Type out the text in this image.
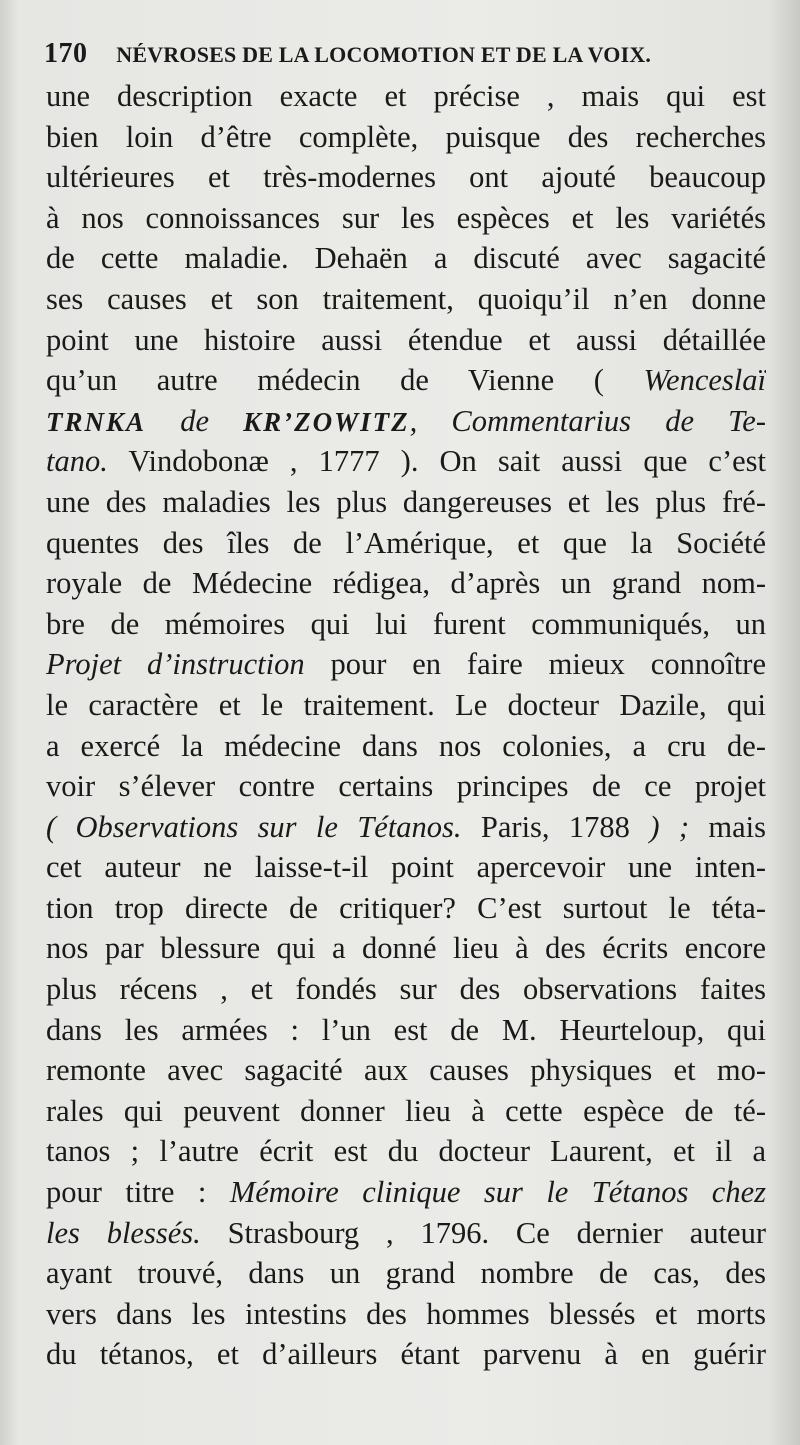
170 NÉVROSES DE LA LOCOMOTION ET DE LA VOIX.
une description exacte et précise , mais qui est
bien loin d’être complète, puisque des recherches
ultérieures et très-modernes ont ajouté beaucoup
à nos connoissances sur les espèces et les variétés
de cette maladie. Dehaën a discuté avec sagacité
ses causes et son traitement, quoiqu’il n’en donne
point une histoire aussi étendue et aussi détaillée
qu’un autre médecin de Vienne ( Wenceslaï
TRNKA de KR’ZOWITZ, Commentarius de Te-
tano. Vindobonæ , 1777 ). On sait aussi que c’est
une des maladies les plus dangereuses et les plus fré-
quentes des îles de l’Amérique, et que la Société
royale de Médecine rédigea, d’après un grand nom-
bre de mémoires qui lui furent communiqués, un
Projet d’instruction pour en faire mieux connoître
le caractère et le traitement. Le docteur Dazile, qui
a exercé la médecine dans nos colonies, a cru de-
voir s’élever contre certains principes de ce projet
( Observations sur le Tétanos. Paris, 1788 ) ; mais
cet auteur ne laisse-t-il point apercevoir une inten-
tion trop directe de critiquer? C’est surtout le téta-
nos par blessure qui a donné lieu à des écrits encore
plus récens , et fondés sur des observations faites
dans les armées : l’un est de M. Heurteloup, qui
remonte avec sagacité aux causes physiques et mo-
rales qui peuvent donner lieu à cette espèce de té-
tanos ; l’autre écrit est du docteur Laurent, et il a
pour titre : Mémoire clinique sur le Tétanos chez
les blessés. Strasbourg , 1796. Ce dernier auteur
ayant trouvé, dans un grand nombre de cas, des
vers dans les intestins des hommes blessés et morts
du tétanos, et d’ailleurs étant parvenu à en guérir
